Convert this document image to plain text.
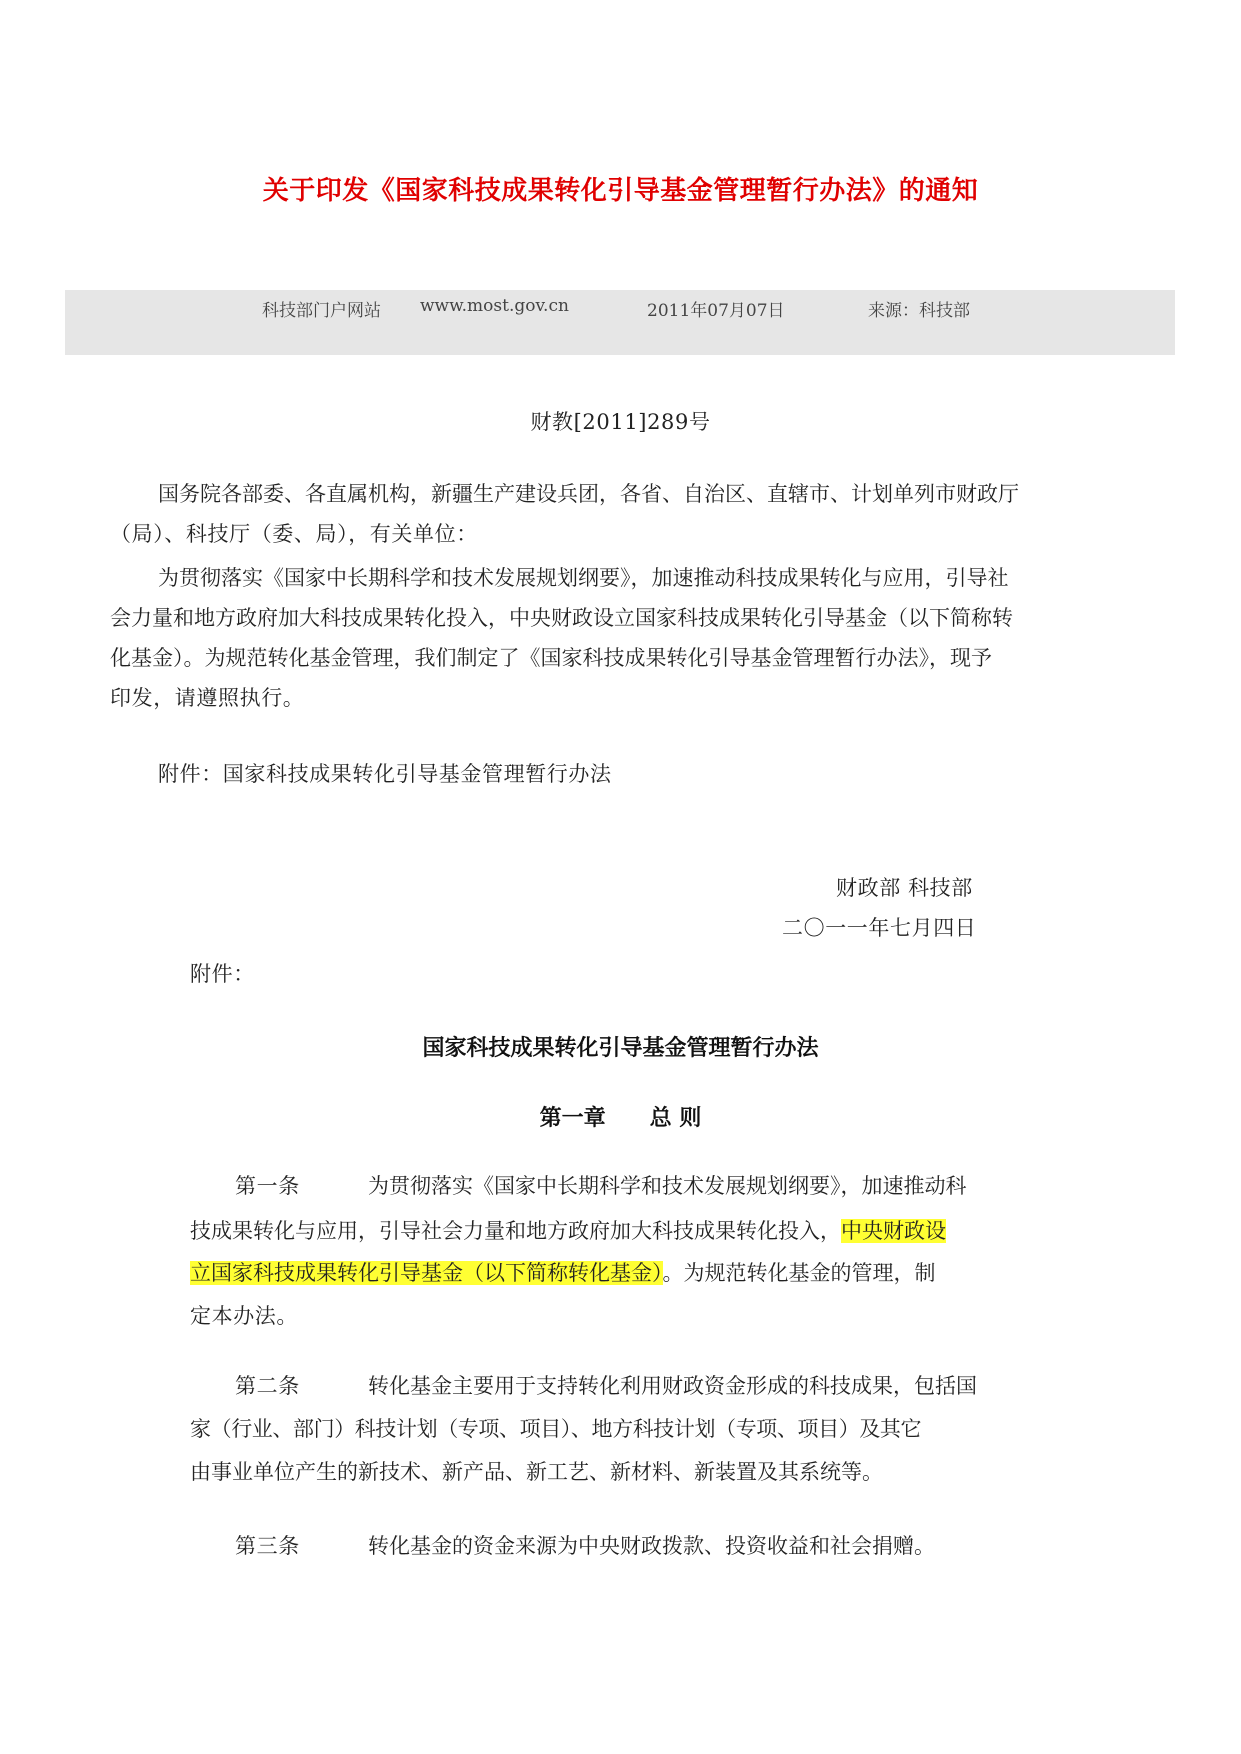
关于印发《国家科技成果转化引导基金管理暂行办法》的通知
科技部门户网站 www.most.gov.cn	2011年07月07日	来源：科技部
财教[2011]289号
国务院各部委、各直属机构，新疆生产建设兵团，各省、自治区、直辖市、计划单列市财政厅
（局）、科技厅（委、局），有关单位：
为贯彻落实《国家中长期科学和技术发展规划纲要》，加速推动科技成果转化与应用，引导社
会力量和地方政府加大科技成果转化投入，中央财政设立国家科技成果转化引导基金（以下简称转
化基金）。为规范转化基金管理，我们制定了《国家科技成果转化引导基金管理暂行办法》，现予
印发，请遵照执行。
附件：国家科技成果转化引导基金管理暂行办法
财政部 科技部
二〇一一年七月四日
附件：
国家科技成果转化引导基金管理暂行办法
第一章　　总 则
第一条	为贯彻落实《国家中长期科学和技术发展规划纲要》，加速推动科
技成果转化与应用，引导社会力量和地方政府加大科技成果转化投入，中央财政设
立国家科技成果转化引导基金（以下简称转化基金）。为规范转化基金的管理，制
定本办法。
第二条	转化基金主要用于支持转化利用财政资金形成的科技成果，包括国
家（行业、部门）科技计划（专项、项目）、地方科技计划（专项、项目）及其它
由事业单位产生的新技术、新产品、新工艺、新材料、新装置及其系统等。
第三条	转化基金的资金来源为中央财政拨款、投资收益和社会捐赠。
